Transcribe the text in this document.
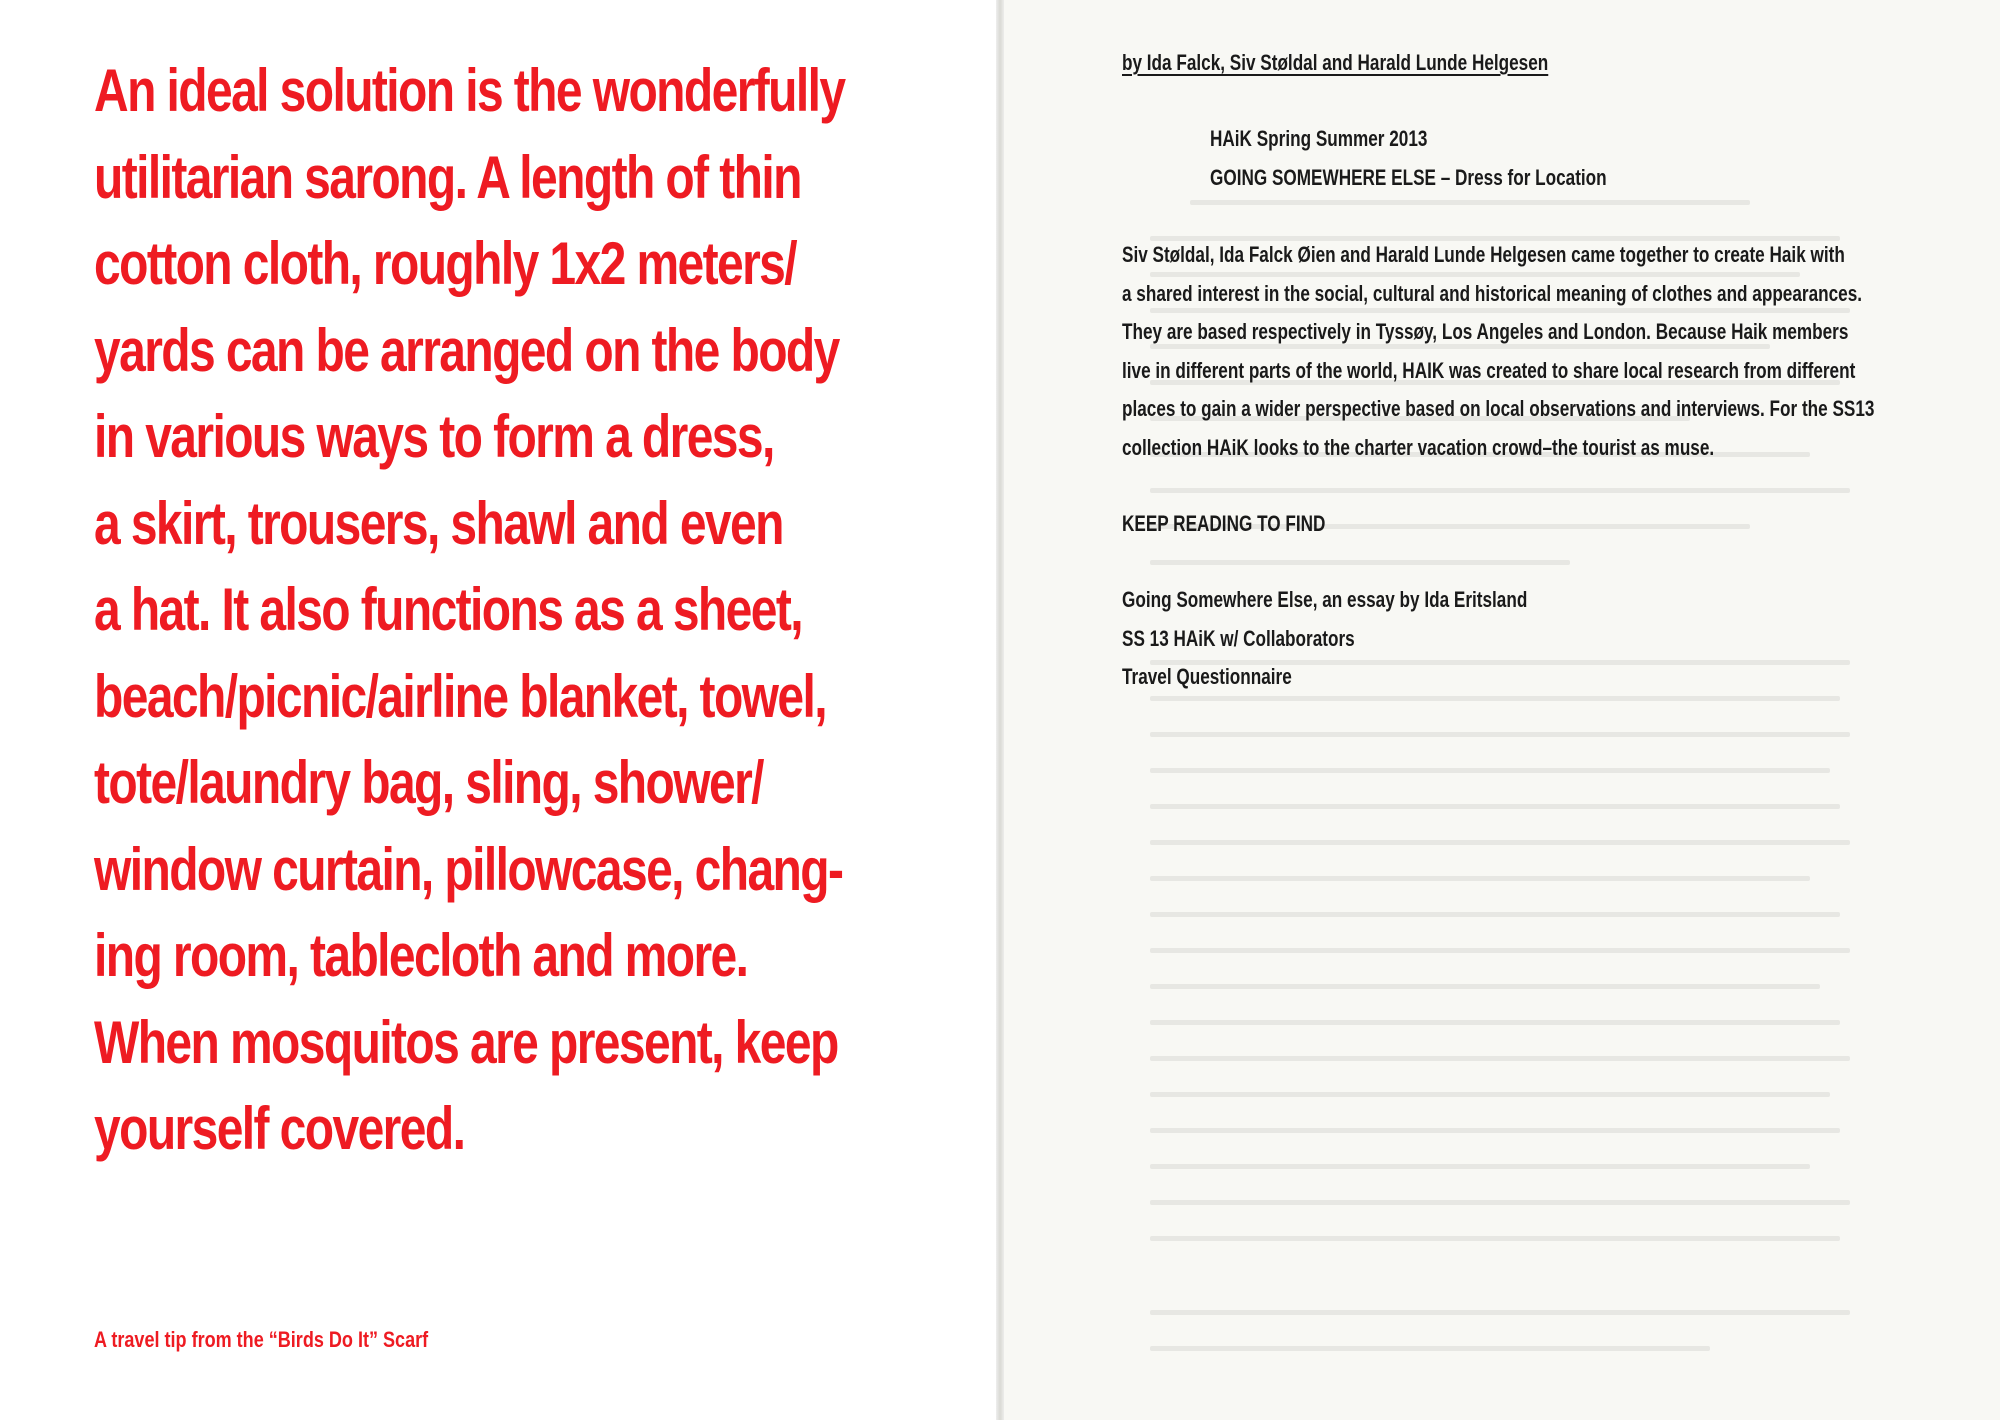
An ideal solution is the wonderfully
utilitarian sarong. A length of thin
cotton cloth, roughly 1x2 meters/
yards can be arranged on the body
in various ways to form a dress,
a skirt, trousers, shawl and even
a hat. It also functions as a sheet,
beach/picnic/airline blanket, towel,
tote/laundry bag, sling, shower/
window curtain, pillowcase, chang-
ing room, tablecloth and more.
When mosquitos are present, keep
yourself covered.

A travel tip from the “Birds Do It” Scarf

by Ida Falck, Siv Støldal and Harald Lunde Helgesen

HAiK Spring Summer 2013
GOING SOMEWHERE ELSE – Dress for Location

Siv Støldal, Ida Falck Øien and Harald Lunde Helgesen came together to create Haik with
a shared interest in the social, cultural and historical meaning of clothes and appearances.
They are based respectively in Tyssøy, Los Angeles and London. Because Haik members
live in different parts of the world, HAIK was created to share local research from different
places to gain a wider perspective based on local observations and interviews. For the SS13
collection HAiK looks to the charter vacation crowd–the tourist as muse.

KEEP READING TO FIND

Going Somewhere Else, an essay by Ida Eritsland
SS 13 HAiK w/ Collaborators
Travel Questionnaire
